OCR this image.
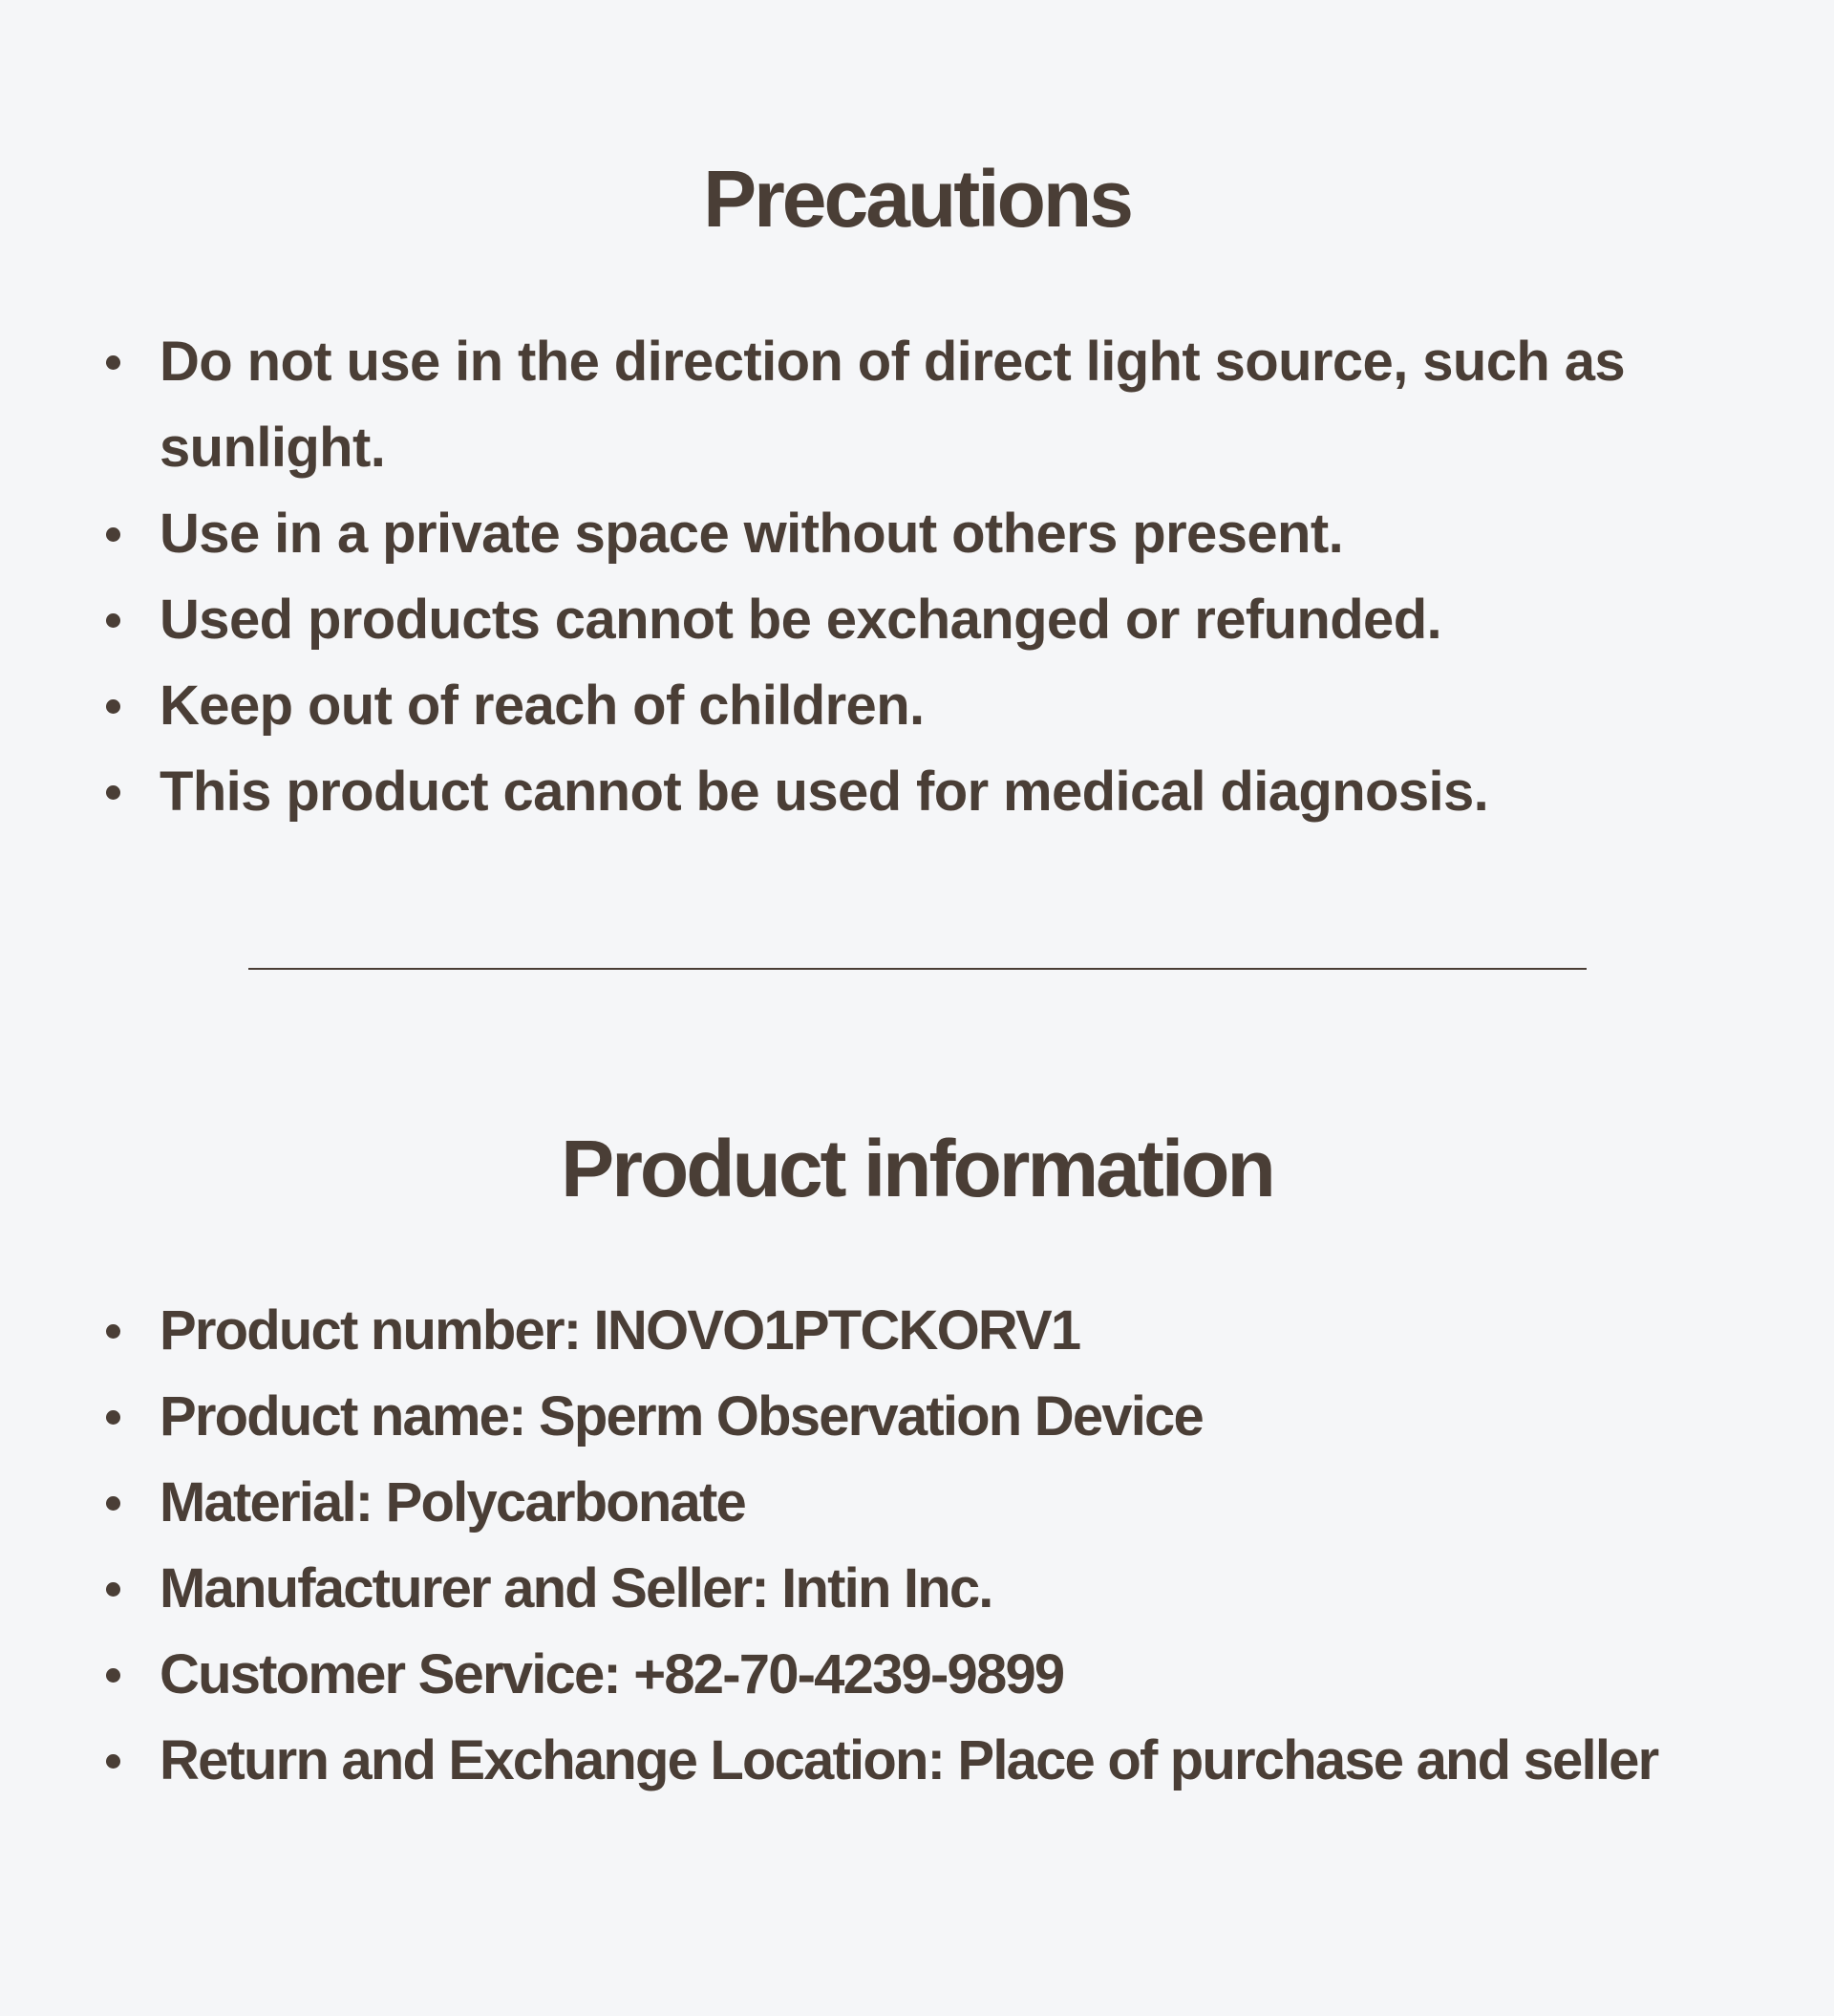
Precautions
Do not use in the direction of direct light source, such as sunlight.
Use in a private space without others present.
Used products cannot be exchanged or refunded.
Keep out of reach of children.
This product cannot be used for medical diagnosis.
Product information
Product number: INOVO1PTCKORV1
Product name: Sperm Observation Device
Material: Polycarbonate
Manufacturer and Seller: Intin Inc.
Customer Service: +82-70-4239-9899
Return and Exchange Location: Place of purchase and seller
